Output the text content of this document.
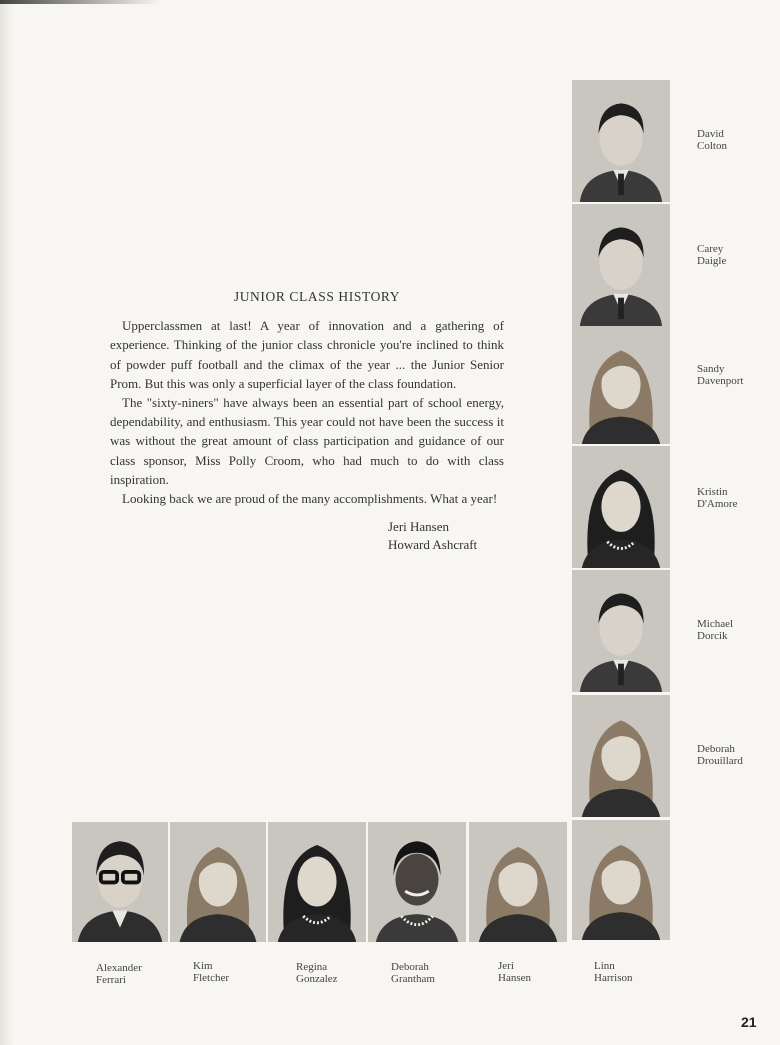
JUNIOR CLASS HISTORY

Upperclassmen at last! A year of innovation and a gathering of experience. Thinking of the junior class chronicle you're inclined to think of powder puff football and the climax of the year ... the Junior Senior Prom. But this was only a superficial layer of the class foundation.

The "sixty-niners" have always been an essential part of school energy, dependability, and enthusiasm. This year could not have been the success it was without the great amount of class participation and guidance of our class sponsor, Miss Polly Croom, who had much to do with class inspiration.

Looking back we are proud of the many accomplishments. What a year!

Jeri Hansen
Howard Ashcraft
David
Colton
Carey
Daigle
Sandy
Davenport
Kristin
D'Amore
Michael
Dorcik
Deborah
Drouillard
Alexander
Ferrari
Kim
Fletcher
Regina
Gonzalez
Deborah
Grantham
Jeri
Hansen
Linn
Harrison
21
